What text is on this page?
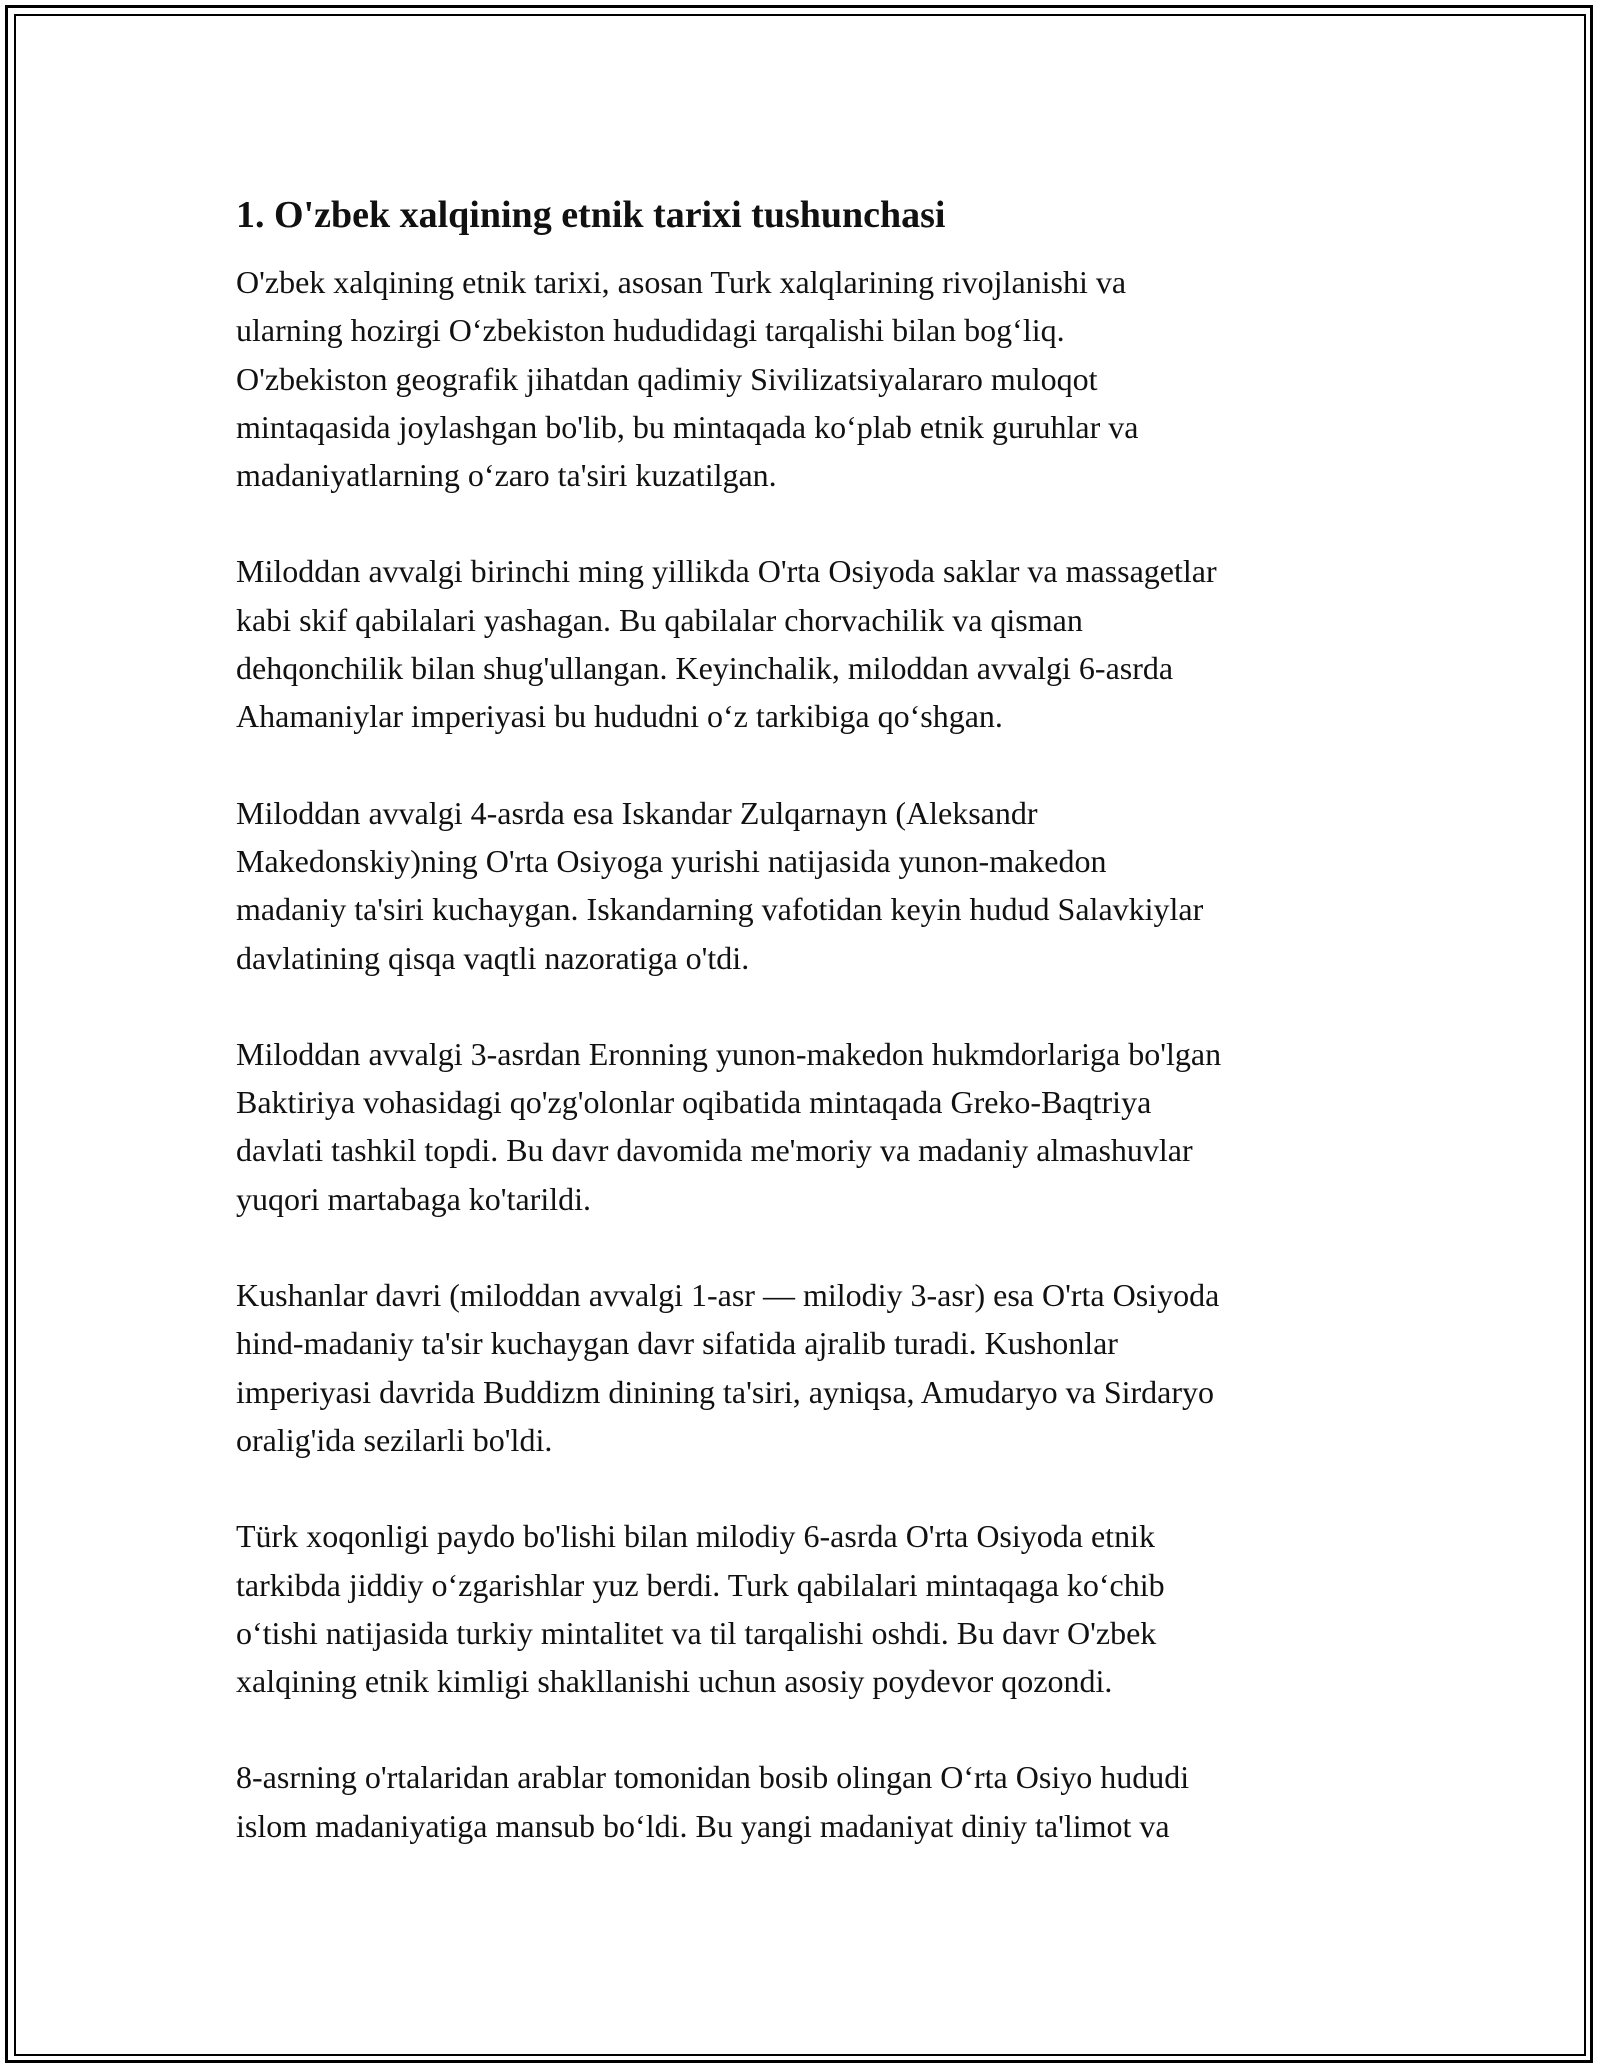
1. O'zbek xalqining etnik tarixi tushunchasi

O'zbek xalqining etnik tarixi, asosan Turk xalqlarining rivojlanishi va
ularning hozirgi O‘zbekiston hududidagi tarqalishi bilan bog‘liq.
O'zbekiston geografik jihatdan qadimiy Sivilizatsiyalararo muloqot
mintaqasida joylashgan bo'lib, bu mintaqada ko‘plab etnik guruhlar va
madaniyatlarning o‘zaro ta'siri kuzatilgan.

Miloddan avvalgi birinchi ming yillikda O'rta Osiyoda saklar va massagetlar
kabi skif qabilalari yashagan. Bu qabilalar chorvachilik va qisman
dehqonchilik bilan shug'ullangan. Keyinchalik, miloddan avvalgi 6-asrda
Ahamaniylar imperiyasi bu hududni o‘z tarkibiga qo‘shgan.

Miloddan avvalgi 4-asrda esa Iskandar Zulqarnayn (Aleksandr
Makedonskiy)ning O'rta Osiyoga yurishi natijasida yunon-makedon
madaniy ta'siri kuchaygan. Iskandarning vafotidan keyin hudud Salavkiylar
davlatining qisqa vaqtli nazoratiga o'tdi.

Miloddan avvalgi 3-asrdan Eronning yunon-makedon hukmdorlariga bo'lgan
Baktiriya vohasidagi qo'zg'olonlar oqibatida mintaqada Greko-Baqtriya
davlati tashkil topdi. Bu davr davomida me'moriy va madaniy almashuvlar
yuqori martabaga ko'tarildi.

Kushanlar davri (miloddan avvalgi 1-asr — milodiy 3-asr) esa O'rta Osiyoda
hind-madaniy ta'sir kuchaygan davr sifatida ajralib turadi. Kushonlar
imperiyasi davrida Buddizm dinining ta'siri, ayniqsa, Amudaryo va Sirdaryo
oralig'ida sezilarli bo'ldi.

Türk xoqonligi paydo bo'lishi bilan milodiy 6-asrda O'rta Osiyoda etnik
tarkibda jiddiy o‘zgarishlar yuz berdi. Turk qabilalari mintaqaga ko‘chib
o‘tishi natijasida turkiy mintalitet va til tarqalishi oshdi. Bu davr O'zbek
xalqining etnik kimligi shakllanishi uchun asosiy poydevor qozondi.

8-asrning o'rtalaridan arablar tomonidan bosib olingan O‘rta Osiyo hududi
islom madaniyatiga mansub bo‘ldi. Bu yangi madaniyat diniy ta'limot va
